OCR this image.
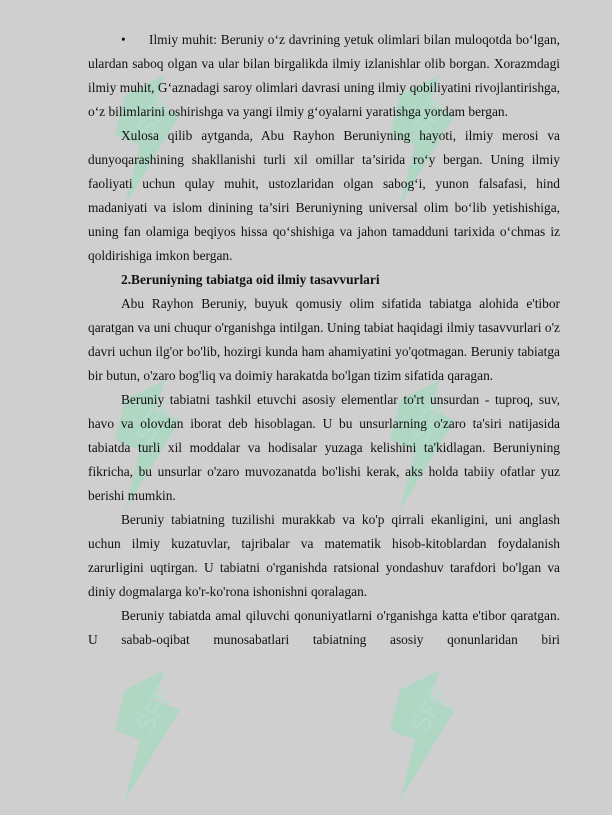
SFF	SFF
SFF	SFF
SFF	SFF

• Ilmiy muhit: Beruniy o‘z davrining yetuk olimlari bilan muloqotda bo‘lgan, ulardan saboq olgan va ular bilan birgalikda ilmiy izlanishlar olib borgan. Xorazmdagi ilmiy muhit, G‘aznadagi saroy olimlari davrasi uning ilmiy qobiliyatini rivojlantirishga, o‘z bilimlarini oshirishga va yangi ilmiy g‘oyalarni yaratishga yordam bergan.

Xulosa qilib aytganda, Abu Rayhon Beruniyning hayoti, ilmiy merosi va dunyoqarashining shakllanishi turli xil omillar ta’sirida ro‘y bergan. Uning ilmiy faoliyati uchun qulay muhit, ustozlaridan olgan sabog‘i, yunon falsafasi, hind madaniyati va islom dinining ta’siri Beruniyning universal olim bo‘lib yetishishiga, uning fan olamiga beqiyos hissa qo‘shishiga va jahon tamadduni tarixida o‘chmas iz qoldirishiga imkon bergan.

2.Beruniyning tabiatga oid ilmiy tasavvurlari

Abu Rayhon Beruniy, buyuk qomusiy olim sifatida tabiatga alohida e'tibor qaratgan va uni chuqur o'rganishga intilgan. Uning tabiat haqidagi ilmiy tasavvurlari o'z davri uchun ilg'or bo'lib, hozirgi kunda ham ahamiyatini yo'qotmagan. Beruniy tabiatga bir butun, o'zaro bog'liq va doimiy harakatda bo'lgan tizim sifatida qaragan.

Beruniy tabiatni tashkil etuvchi asosiy elementlar to'rt unsurdan - tuproq, suv, havo va olovdan iborat deb hisoblagan. U bu unsurlarning o'zaro ta'siri natijasida tabiatda turli xil moddalar va hodisalar yuzaga kelishini ta'kidlagan. Beruniyning fikricha, bu unsurlar o'zaro muvozanatda bo'lishi kerak, aks holda tabiiy ofatlar yuz berishi mumkin.

Beruniy tabiatning tuzilishi murakkab va ko'p qirrali ekanligini, uni anglash uchun ilmiy kuzatuvlar, tajribalar va matematik hisob-kitoblardan foydalanish zarurligini uqtirgan. U tabiatni o'rganishda ratsional yondashuv tarafdori bo'lgan va diniy dogmalarga ko'r-ko'rona ishonishni qoralagan.

Beruniy tabiatda amal qiluvchi qonuniyatlarni o'rganishga katta e'tibor qaratgan. U sabab-oqibat munosabatlari tabiatning asosiy qonunlaridan biri
